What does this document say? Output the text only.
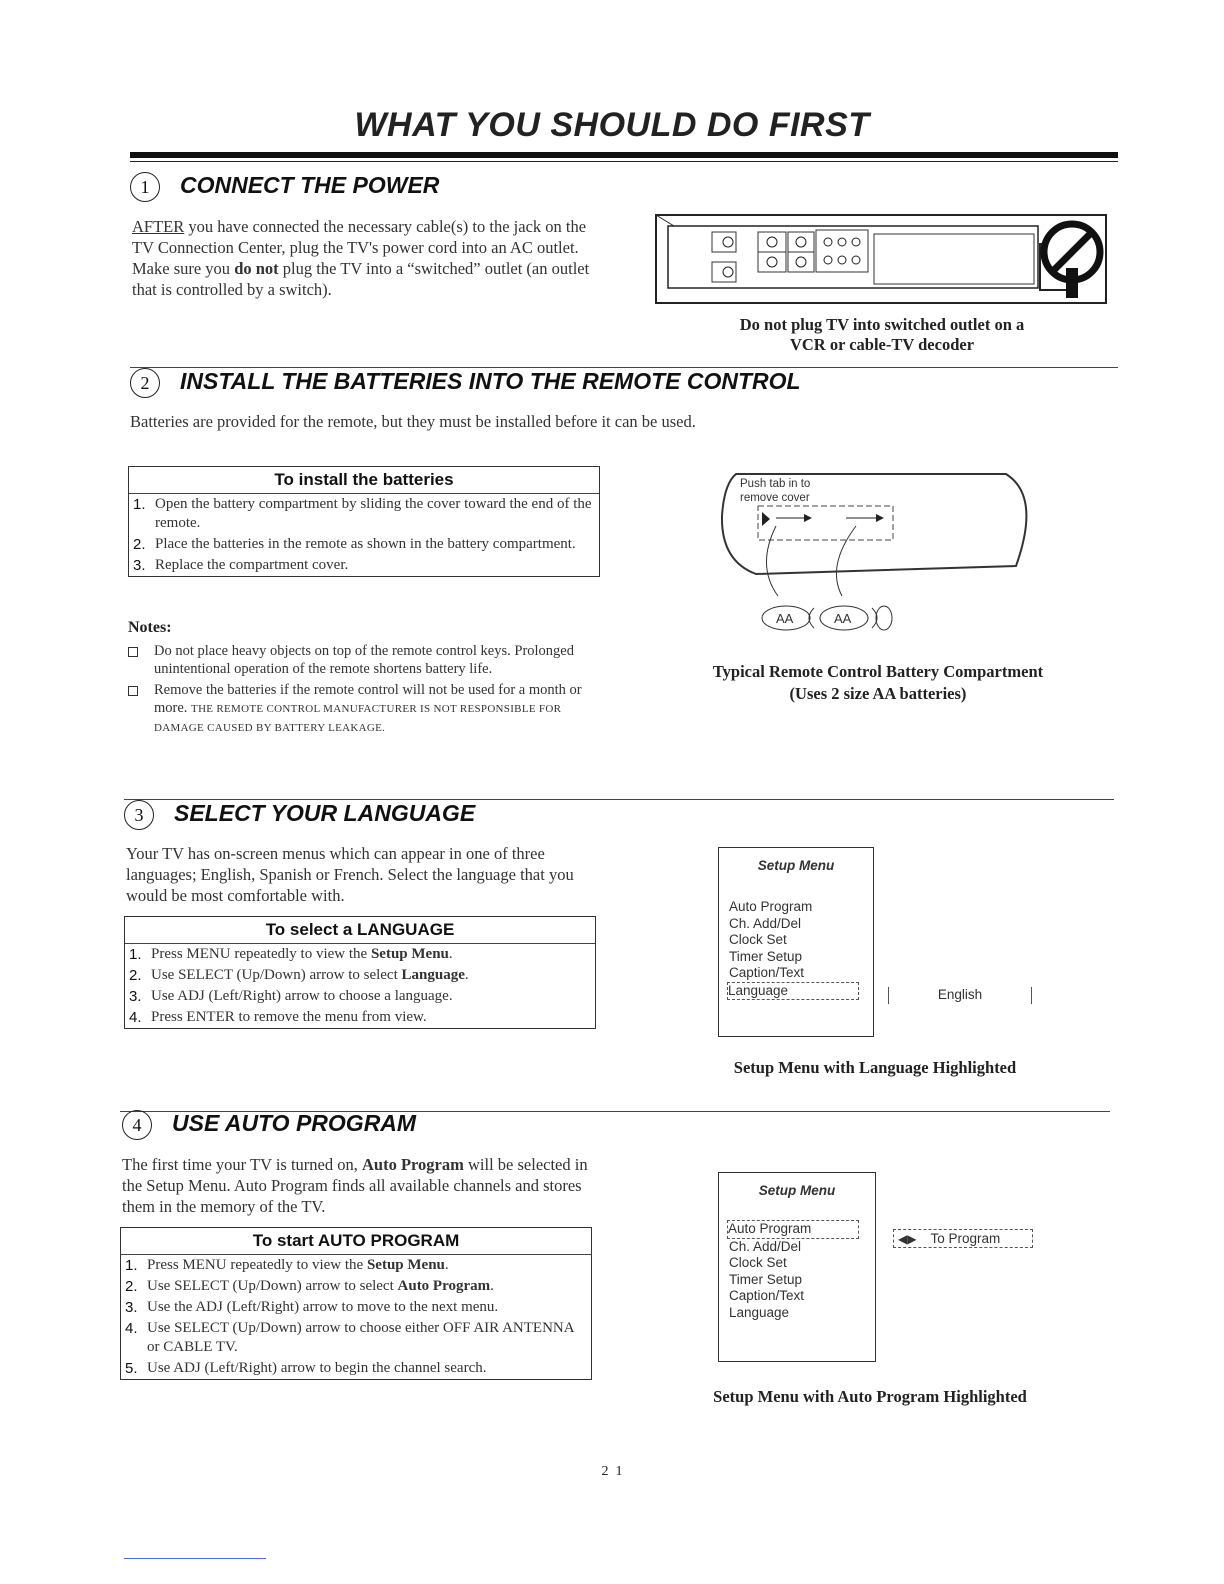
WHAT YOU SHOULD DO FIRST
1 CONNECT THE POWER
AFTER you have connected the necessary cable(s) to the jack on the TV Connection Center, plug the TV's power cord into an AC outlet. Make sure you do not plug the TV into a “switched” outlet (an outlet that is controlled by a switch).
Do not plug TV into switched outlet on a
VCR or cable-TV decoder
2 INSTALL THE BATTERIES INTO THE REMOTE CONTROL
Batteries are provided for the remote, but they must be installed before it can be used.
To install the batteries
1. Open the battery compartment by sliding the cover toward the end of the remote.
2. Place the batteries in the remote as shown in the battery compartment.
3. Replace the compartment cover.
Notes:
Do not place heavy objects on top of the remote control keys. Prolonged unintentional operation of the remote shortens battery life.
Remove the batteries if the remote control will not be used for a month or more. THE REMOTE CONTROL MANUFACTURER IS NOT RESPONSIBLE FOR DAMAGE CAUSED BY BATTERY LEAKAGE.
AA	AA
Push tab in to remove cover
Typical Remote Control Battery Compartment
(Uses 2 size AA batteries)
3 SELECT YOUR LANGUAGE
Your TV has on-screen menus which can appear in one of three languages; English, Spanish or French. Select the language that you would be most comfortable with.
To select a LANGUAGE
1. Press MENU repeatedly to view the Setup Menu.
2. Use SELECT (Up/Down) arrow to select Language.
3. Use ADJ (Left/Right) arrow to choose a language.
4. Press ENTER to remove the menu from view.
Setup Menu
Auto Program
Ch. Add/Del
Clock Set
Timer Setup
Caption/Text
Language	English
Setup Menu with Language Highlighted
4 USE AUTO PROGRAM
The first time your TV is turned on, Auto Program will be selected in the Setup Menu. Auto Program finds all available channels and stores them in the memory of the TV.
To start AUTO PROGRAM
1. Press MENU repeatedly to view the Setup Menu.
2. Use SELECT (Up/Down) arrow to select Auto Program.
3. Use the ADJ (Left/Right) arrow to move to the next menu.
4. Use SELECT (Up/Down) arrow to choose either OFF AIR ANTENNA or CABLE TV.
5. Use ADJ (Left/Right) arrow to begin the channel search.
Setup Menu
Auto Program
Ch. Add/Del
Clock Set
Timer Setup
Caption/Text
Language
◀▶ To Program
Setup Menu with Auto Program Highlighted
2  1
